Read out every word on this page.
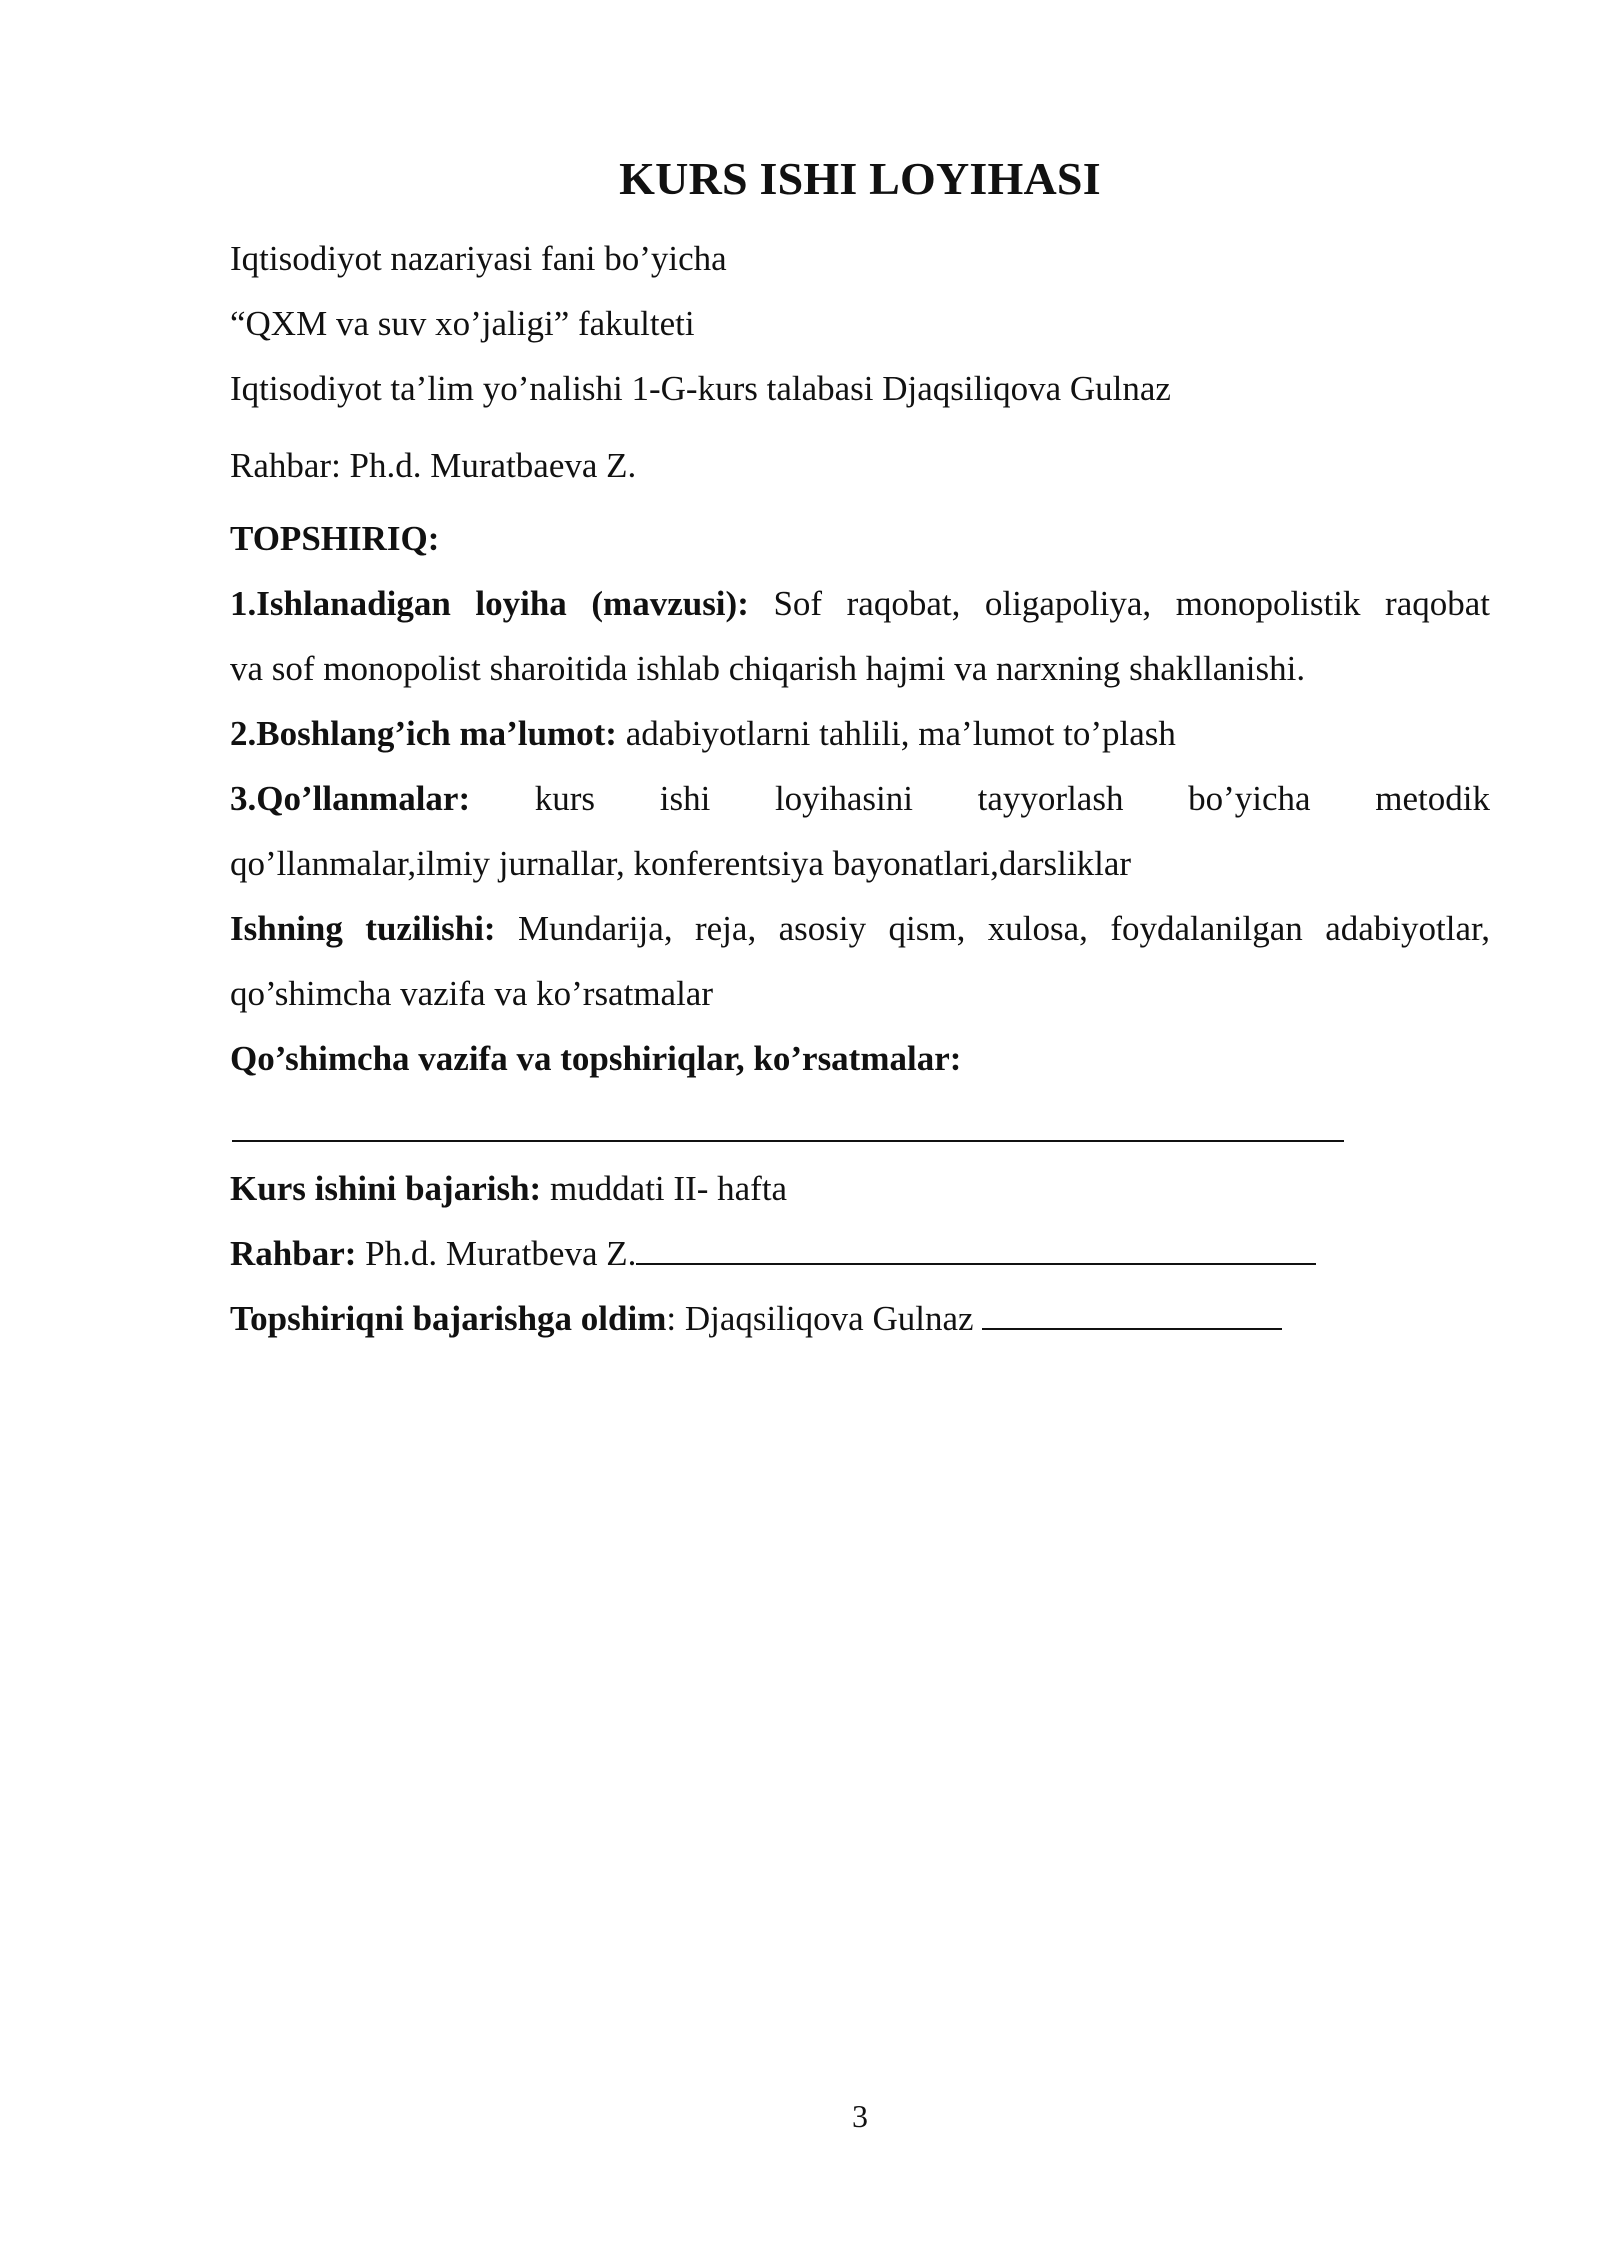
KURS ISHI LOYIHASI
Iqtisodiyot nazariyasi fani bo’yicha
“QXM va suv xo’jaligi” fakulteti
Iqtisodiyot ta’lim yo’nalishi 1-G-kurs talabasi Djaqsiliqova Gulnaz
Rahbar: Ph.d. Muratbaeva Z.
TOPSHIRIQ:
1.Ishlanadigan loyiha (mavzusi): Sof raqobat, oligapoliya, monopolistik raqobat
va sof monopolist sharoitida ishlab chiqarish hajmi va narxning shakllanishi.
2.Boshlang’ich ma’lumot: adabiyotlarni tahlili, ma’lumot to’plash
3.Qo’llanmalar: kurs ishi loyihasini tayyorlash bo’yicha metodik
qo’llanmalar,ilmiy jurnallar, konferentsiya bayonatlari,darsliklar
Ishning tuzilishi: Mundarija, reja, asosiy qism, xulosa, foydalanilgan adabiyotlar,
qo’shimcha vazifa va ko’rsatmalar
Qo’shimcha vazifa va topshiriqlar, ko’rsatmalar:
Kurs ishini bajarish: muddati II- hafta
Rahbar: Ph.d. Muratbeva Z.
Topshiriqni bajarishga oldim: Djaqsiliqova Gulnaz
3
